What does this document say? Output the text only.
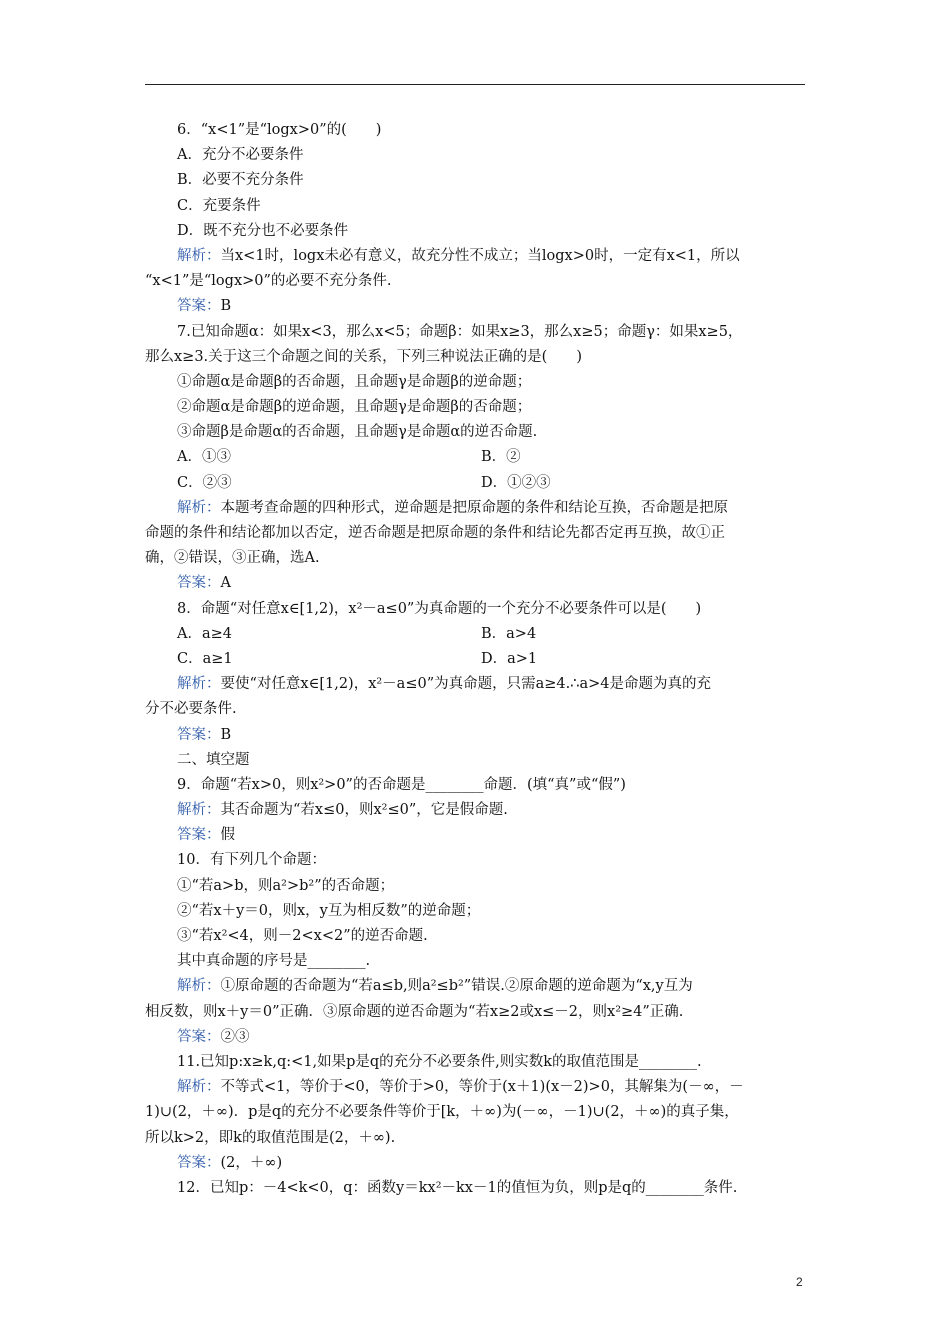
6．“x<1”是“logx>0”的(　　)
A．充分不必要条件
B．必要不充分条件
C．充要条件
D．既不充分也不必要条件
解析：当x<1时，logx未必有意义，故充分性不成立；当logx>0时，一定有x<1，所以
“x<1”是“logx>0”的必要不充分条件.
答案：B
7.已知命题α：如果x<3，那么x<5；命题β：如果x≥3，那么x≥5；命题γ：如果x≥5，
那么x≥3.关于这三个命题之间的关系，下列三种说法正确的是(　　)
①命题α是命题β的否命题，且命题γ是命题β的逆命题；
②命题α是命题β的逆命题，且命题γ是命题β的否命题；
③命题β是命题α的否命题，且命题γ是命题α的逆否命题.
A．①③	B．②
C．②③	D．①②③
解析：本题考查命题的四种形式，逆命题是把原命题的条件和结论互换，否命题是把原
命题的条件和结论都加以否定，逆否命题是把原命题的条件和结论先都否定再互换，故①正
确，②错误，③正确，选A.
答案：A
8．命题“对任意x∈[1,2)，x²－a≤0”为真命题的一个充分不必要条件可以是(　　)
A．a≥4	B．a>4
C．a≥1	D．a>1
解析：要使“对任意x∈[1,2)，x²－a≤0”为真命题，只需a≥4.∴a>4是命题为真的充
分不必要条件.
答案：B
二、填空题
9．命题“若x>0，则x²>0”的否命题是________命题．(填“真”或“假”)
解析：其否命题为“若x≤0，则x²≤0”，它是假命题.
答案：假
10．有下列几个命题：
①“若a>b，则a²>b²”的否命题；
②“若x＋y＝0，则x，y互为相反数”的逆命题；
③“若x²<4，则－2<x<2”的逆否命题.
其中真命题的序号是________.
解析：①原命题的否命题为“若a≤b,则a²≤b²”错误.②原命题的逆命题为“x,y互为
相反数，则x＋y＝0”正确．③原命题的逆否命题为“若x≥2或x≤－2，则x²≥4”正确.
答案：②③
11.已知p:x≥k,q:<1,如果p是q的充分不必要条件,则实数k的取值范围是________.
解析：不等式<1，等价于<0，等价于>0，等价于(x＋1)(x－2)>0，其解集为(－∞，－
1)∪(2，＋∞)．p是q的充分不必要条件等价于[k，＋∞)为(－∞，－1)∪(2，＋∞)的真子集，
所以k>2，即k的取值范围是(2，＋∞).
答案：(2，＋∞)
12．已知p：－4<k<0，q：函数y＝kx²－kx－1的值恒为负，则p是q的________条件.
2
